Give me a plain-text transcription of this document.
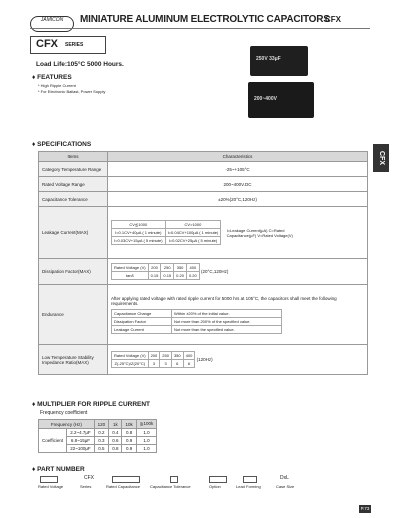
JAMICON	MINIATURE ALUMINUM ELECTROLYTIC CAPACITORS
CFX
CFX SERIES
Load Life:105°C 5000 Hours.
♦ FEATURES
* High Ripple Current
* For Electronic Ballast, Power Supply
250V 33μF
200~400V
CFX
♦ SPECIFICATIONS
Items	Characteristics
Category Temperature Range	-25~+105°C
Rated Voltage Range	200~400V.DC
Capacitance Tolerance	±20%(20°C,120Hz)
Leakage Current(MAX)	CV≦1000	CV>1000
I=0.1CV+40μA ( 1 minute)	I=0.04CV+100μA ( 1 minute)
I=0.03CV+15μA ( 5 minute)	I=0.02CV+25μA ( 5 minute) I=Leakage Current(μA) C=Rated Capacitance(μF) V=Rated Voltage(V)
Dissipation Factor(MAX)	Rated Voltage (V)	200	250	350	400
tanδ	0.15	0.15	0.20	0.20 (20°C,120Hz)
Endurance	
After applying rated voltage with rated ripple current for 5000 hrs at 105°C, the capacitors shall meet the following requirements.
Capacitance Change	Within ±20% of the initial value.
Dissipation Factor	Not more than 200% of the specified value.
Leakage Current	Not more than the specified value.

Low Temperature Stability Impedance Ratio(MAX)	Rated Voltage (V)	200	250	350	400
Z(-25°C)/Z(20°C)	3	3	6	6 (120Hz)
♦ MULTIPLIER FOR RIPPLE CURRENT
Frequency coefficient
Frequency (Hz)		120	1k	10k	≧100k
Coefficient	2.2~4.7μF	0.2	0.4	0.8	1.0
	6.8~15μF	0.3	0.6	0.9	1.0
	22~100μF	0.5	0.8	0.9	1.0
♦ PART NUMBER
CFX	DxL
Rated Voltage	Series	Rated Capacitance Capacitance Tolerance	Option	Lead Forming	Case Size
P.73
